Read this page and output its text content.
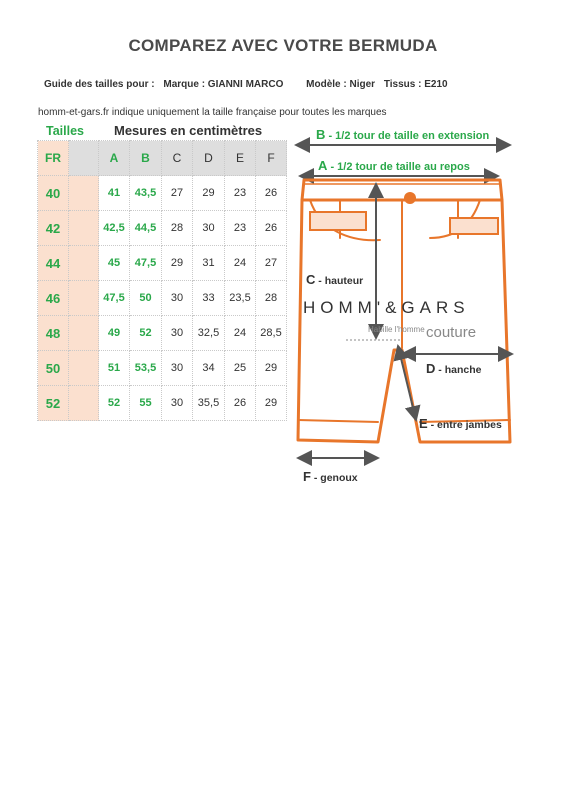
COMPAREZ AVEC VOTRE BERMUDA
Guide des tailles pour : Marque : GIANNI MARCO Modèle : Niger Tissus : E210
homm-et-gars.fr indique uniquement la taille française pour toutes les marques
Tailles Mesures en centimètres
FR		A	B	C	D	E	F
40		41	43,5	27	29	23	26
42		42,5	44,5	28	30	23	26
44		45	47,5	29	31	24	27
46		47,5	50	30	33	23,5	28
48		49	52	30	32,5	24	28,5
50		51	53,5	30	34	25	29
52		52	55	30	35,5	26	29
B - 1/2 tour de taille en extension
A - 1/2 tour de taille au repos
C - hauteur
D - hanche
E - entre jambes
F - genoux
HOMM'&GARS
Habille l'homme couture
